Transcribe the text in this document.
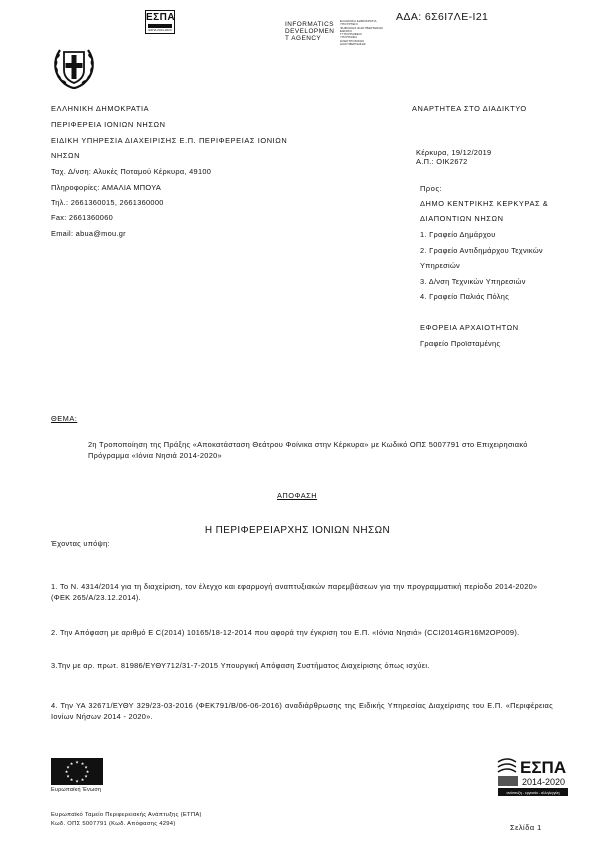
ΕΣΠΑ
ΕΣΠΑ 2014-2020
INFORMATICS
DEVELOPMEN
T AGENCY
ΕΛΛΗΝΙΚΗ ΔΗΜΟΚΡΑΤΙΑ
ΥΠΟΥΡΓΕΙΟ
ΨΗΦΙΑΚΗΣ ΔΙΑΚΥΒΕΡΝΗΣΗΣ
ΕΘΝΙΚΟ
ΤΥΠΟΓΡΑΦΕΙΟ
ΥΠΟΓΡΑΦΗ
ΗΛΕΚΤΡΟΝΙΚΗΣ
ΔΙΑΚΥΒΕΡΝΗΣΗΣ
ΑΔΑ: 6Σ6Ι7ΛΕ-Ι21
ΕΛΛΗΝΙΚΗ ΔΗΜΟΚΡΑΤΙΑ
ΠΕΡΙΦΕΡΕΙΑ ΙΟΝΙΩΝ ΝΗΣΩΝ
ΕΙΔΙΚΗ ΥΠΗΡΕΣΙΑ ΔΙΑΧΕΙΡΙΣΗΣ Ε.Π. ΠΕΡΙΦΕΡΕΙΑΣ ΙΟΝΙΩΝ
ΝΗΣΩΝ
Ταχ. Δ/νση: Αλυκές Ποταμού Κέρκυρα, 49100
Πληροφορίες: ΑΜΑΛΙΑ ΜΠΟΥΑ
Τηλ.: 2661360015, 2661360000
Fax: 2661360060
Email: abua@mou.gr
ΑΝΑΡΤΗΤΕΑ ΣΤΟ ΔΙΑΔΙΚΤΥΟ
Κέρκυρα, 19/12/2019
Α.Π.: ΟΙΚ2672
Προς:
ΔΗΜΟ ΚΕΝΤΡΙΚΗΣ ΚΕΡΚΥΡΑΣ &
ΔΙΑΠΟΝΤΙΩΝ ΝΗΣΩΝ
1. Γραφείο Δημάρχου
2. Γραφείο Αντιδημάρχου Τεχνικών
Υπηρεσιών
3. Δ/νση Τεχνικών Υπηρεσιών
4. Γραφείο Παλιάς Πόλης
ΕΦΟΡΕΙΑ ΑΡΧΑΙΟΤΗΤΩΝ
Γραφείο Προϊσταμένης
ΘΕΜΑ:
2η Τροποποίηση της Πράξης «Αποκατάσταση Θεάτρου Φοίνικα στην Κέρκυρα» με Κωδικό ΟΠΣ 5007791 στο Επιχειρησιακό Πρόγραμμα «Ιόνια Νησιά 2014-2020»
ΑΠΟΦΑΣΗ
Η ΠΕΡΙΦΕΡΕΙΑΡΧΗΣ ΙΟΝΙΩΝ ΝΗΣΩΝ
Έχοντας υπόψη:
1. Το Ν. 4314/2014 για τη διαχείριση, τον έλεγχο και εφαρμογή αναπτυξιακών παρεμβάσεων για την προγραμματική περίοδο 2014-2020» (ΦΕΚ 265/Α/23.12.2014).
2. Την Απόφαση με αριθμό Ε C(2014) 10165/18-12-2014 που αφορά την έγκριση του Ε.Π. «Ιόνια Νησιά» (CCI2014GR16M2OP009).
3.Την με αρ. πρωτ. 81986/ΕΥΘΥ712/31-7-2015 Υπουργική Απόφαση Συστήματος Διαχείρισης όπως ισχύει.
4. Την ΥΑ 32671/ΕΥΘΥ 329/23-03-2016 (ΦΕΚ791/Β/06-06-2016) αναδιάρθρωσης της Ειδικής Υπηρεσίας Διαχείρισης του Ε.Π. «Περιφέρειας Ιονίων Νήσων 2014 - 2020».
★ ★
★
★
★
★
★
★
★
★
★
★
Ευρωπαϊκή Ένωση
ΕΣΠΑ
2014-2020
ανάπτυξη - εργασία - αλληλεγγύη
Ευρωπαϊκό Ταμείο Περιφερειακής Ανάπτυξης (ΕΤΠΑ)
Κωδ. ΟΠΣ 5007791 (Κωδ. Απόφασης 4294)	Σελίδα 1
